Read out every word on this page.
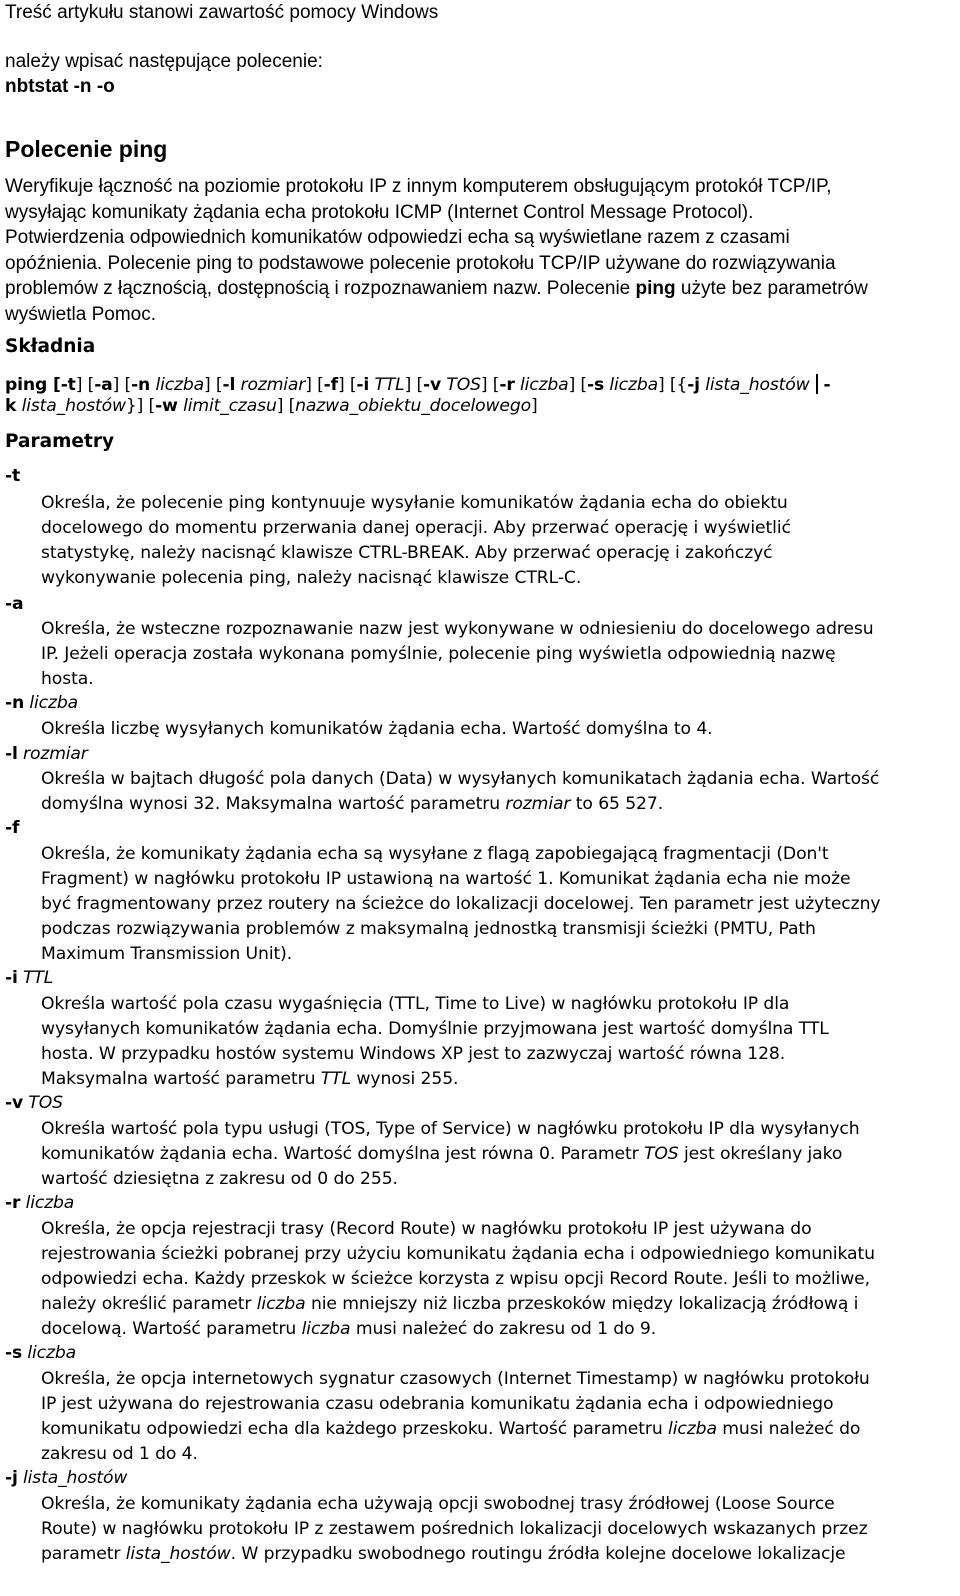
Treść artykułu stanowi zawartość pomocy Windows
należy wpisać następujące polecenie:
nbtstat -n -o
Polecenie ping
Weryfikuje łączność na poziomie protokołu IP z innym komputerem obsługującym protokół TCP/IP,
wysyłając komunikaty żądania echa protokołu ICMP (Internet Control Message Protocol).
Potwierdzenia odpowiednich komunikatów odpowiedzi echa są wyświetlane razem z czasami
opóźnienia. Polecenie ping to podstawowe polecenie protokołu TCP/IP używane do rozwiązywania
problemów z łącznością, dostępnością i rozpoznawaniem nazw. Polecenie ping użyte bez parametrów
wyświetla Pomoc.
Składnia
ping [-t] [-a] [-n liczba] [-l rozmiar] [-f] [-i TTL] [-v TOS] [-r liczba] [-s liczba] [{-j lista_hostów -
k lista_hostów}] [-w limit_czasu] [nazwa_obiektu_docelowego]
Parametry
-t
Określa, że polecenie ping kontynuuje wysyłanie komunikatów żądania echa do obiektu
docelowego do momentu przerwania danej operacji. Aby przerwać operację i wyświetlić
statystykę, należy nacisnąć klawisze CTRL-BREAK. Aby przerwać operację i zakończyć
wykonywanie polecenia ping, należy nacisnąć klawisze CTRL-C.
-a
Określa, że wsteczne rozpoznawanie nazw jest wykonywane w odniesieniu do docelowego adresu
IP. Jeżeli operacja została wykonana pomyślnie, polecenie ping wyświetla odpowiednią nazwę
hosta.
-n liczba
Określa liczbę wysyłanych komunikatów żądania echa. Wartość domyślna to 4.
-l rozmiar
Określa w bajtach długość pola danych (Data) w wysyłanych komunikatach żądania echa. Wartość
domyślna wynosi 32. Maksymalna wartość parametru rozmiar to 65 527.
-f
Określa, że komunikaty żądania echa są wysyłane z flagą zapobiegającą fragmentacji (Don't
Fragment) w nagłówku protokołu IP ustawioną na wartość 1. Komunikat żądania echa nie może
być fragmentowany przez routery na ścieżce do lokalizacji docelowej. Ten parametr jest użyteczny
podczas rozwiązywania problemów z maksymalną jednostką transmisji ścieżki (PMTU, Path
Maximum Transmission Unit).
-i TTL
Określa wartość pola czasu wygaśnięcia (TTL, Time to Live) w nagłówku protokołu IP dla
wysyłanych komunikatów żądania echa. Domyślnie przyjmowana jest wartość domyślna TTL
hosta. W przypadku hostów systemu Windows XP jest to zazwyczaj wartość równa 128.
Maksymalna wartość parametru TTL wynosi 255.
-v TOS
Określa wartość pola typu usługi (TOS, Type of Service) w nagłówku protokołu IP dla wysyłanych
komunikatów żądania echa. Wartość domyślna jest równa 0. Parametr TOS jest określany jako
wartość dziesiętna z zakresu od 0 do 255.
-r liczba
Określa, że opcja rejestracji trasy (Record Route) w nagłówku protokołu IP jest używana do
rejestrowania ścieżki pobranej przy użyciu komunikatu żądania echa i odpowiedniego komunikatu
odpowiedzi echa. Każdy przeskok w ścieżce korzysta z wpisu opcji Record Route. Jeśli to możliwe,
należy określić parametr liczba nie mniejszy niż liczba przeskoków między lokalizacją źródłową i
docelową. Wartość parametru liczba musi należeć do zakresu od 1 do 9.
-s liczba
Określa, że opcja internetowych sygnatur czasowych (Internet Timestamp) w nagłówku protokołu
IP jest używana do rejestrowania czasu odebrania komunikatu żądania echa i odpowiedniego
komunikatu odpowiedzi echa dla każdego przeskoku. Wartość parametru liczba musi należeć do
zakresu od 1 do 4.
-j lista_hostów
Określa, że komunikaty żądania echa używają opcji swobodnej trasy źródłowej (Loose Source
Route) w nagłówku protokołu IP z zestawem pośrednich lokalizacji docelowych wskazanych przez
parametr lista_hostów. W przypadku swobodnego routingu źródła kolejne docelowe lokalizacje
